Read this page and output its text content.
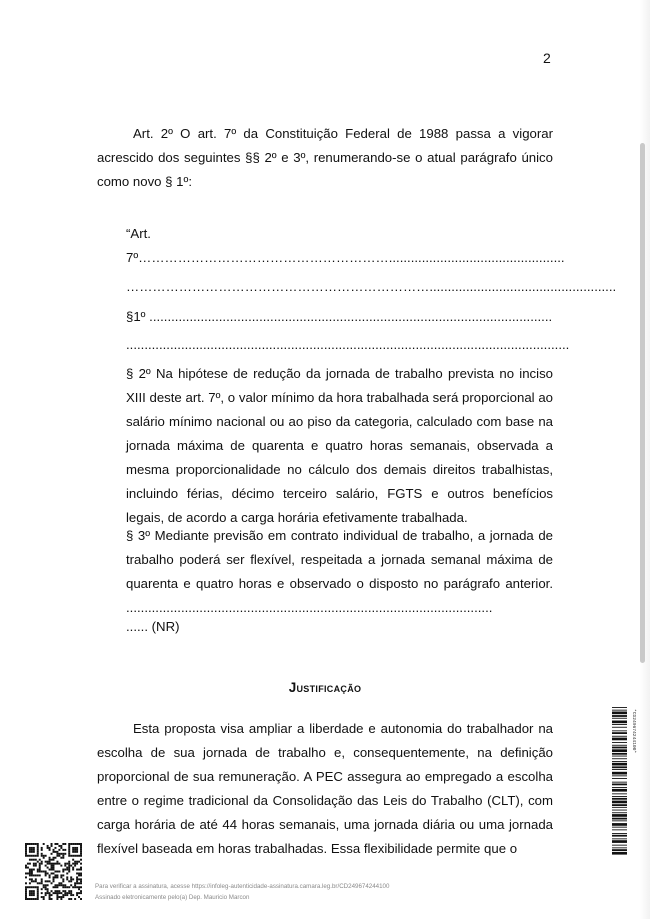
2

Art. 2º O art. 7º da Constituição Federal de 1988 passa a vigorar acrescido dos seguintes §§ 2º e 3º, renumerando-se o atual parágrafo único como novo § 1º:

“Art.
7º…………………………………………………................................................
……………………………………………………………...................................................
§1º ..............................................................................................................
.........................................................................................................................

§ 2º Na hipótese de redução da jornada de trabalho prevista no inciso XIII deste art. 7º, o valor mínimo da hora trabalhada será proporcional ao salário mínimo nacional ou ao piso da categoria, calculado com base na jornada máxima de quarenta e quatro horas semanais, observada a mesma proporcionalidade no cálculo dos demais direitos trabalhistas, incluindo férias, décimo terceiro salário, FGTS e outros benefícios legais, de acordo a carga horária efetivamente trabalhada.

§ 3º Mediante previsão em contrato individual de trabalho, a jornada de trabalho poderá ser flexível, respeitada a jornada semanal máxima de quarenta e quatro horas e observado o disposto no parágrafo anterior. ....................................................................................................

...... (NR)
Justificação

Esta proposta visa ampliar a liberdade e autonomia do trabalhador na escolha de sua jornada de trabalho e, consequentemente, na definição proporcional de sua remuneração. A PEC assegura ao empregado a escolha entre o regime tradicional da Consolidação das Leis do Trabalho (CLT), com carga horária de até 44 horas semanais, uma jornada diária ou uma jornada flexível baseada em horas trabalhadas. Essa flexibilidade permite que o

*CD249674244100*
Para verificar a assinatura, acesse https://infoleg-autenticidade-assinatura.camara.leg.br/CD249674244100
Assinado eletronicamente pelo(a) Dep. Mauricio Marcon
